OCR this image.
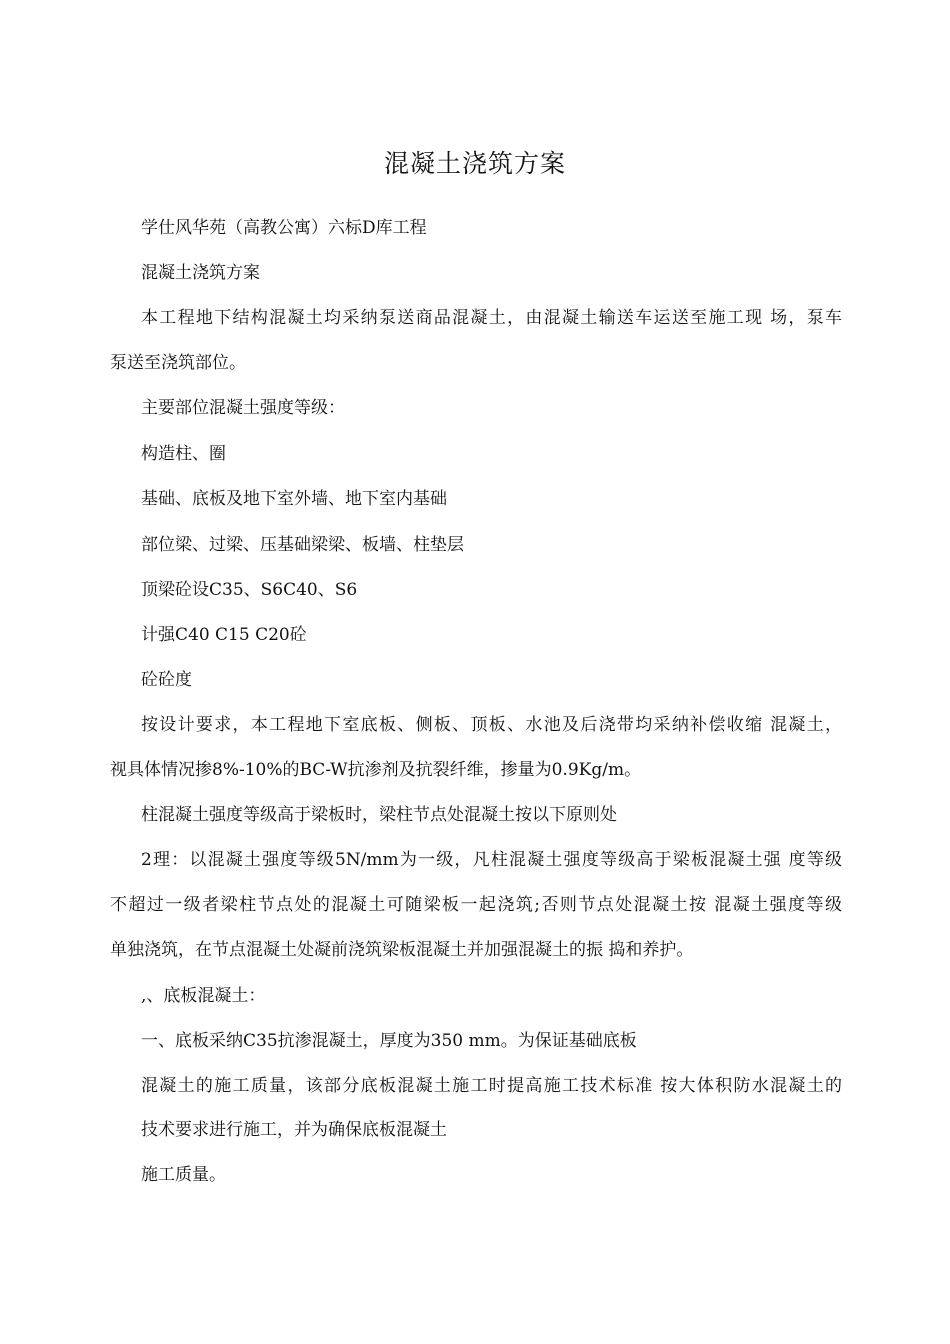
混凝土浇筑方案
学仕风华苑（高教公寓）六标D库工程
混凝土浇筑方案
本工程地下结构混凝土均采纳泵送商品混凝土，由混凝土输送车运送至施工现 场，泵车
泵送至浇筑部位。
主要部位混凝土强度等级：
构造柱、圈
基础、底板及地下室外墙、地下室内基础
部位梁、过梁、压基础梁梁、板墙、柱垫层
顶梁砼设C35、S6C40、S6
计强C40 C15 C20砼
砼砼度
按设计要求，本工程地下室底板、侧板、顶板、水池及后浇带均采纳补偿收缩 混凝土，
视具体情况掺8%-10%的BC-W抗渗剂及抗裂纤维，掺量为0.9Kg/m。
柱混凝土强度等级高于梁板时，梁柱节点处混凝土按以下原则处
2理：以混凝土强度等级5N/mm为一级，凡柱混凝土强度等级高于梁板混凝土强 度等级
不超过一级者梁柱节点处的混凝土可随梁板一起浇筑;否则节点处混凝土按 混凝土强度等级
单独浇筑，在节点混凝土处凝前浇筑梁板混凝土并加强混凝土的振 捣和养护。
,、底板混凝土：
一、底板采纳C35抗渗混凝土，厚度为350 mm。为保证基础底板
混凝土的施工质量，该部分底板混凝土施工时提高施工技术标准 按大体积防水混凝土的
技术要求进行施工，并为确保底板混凝土
施工质量。
